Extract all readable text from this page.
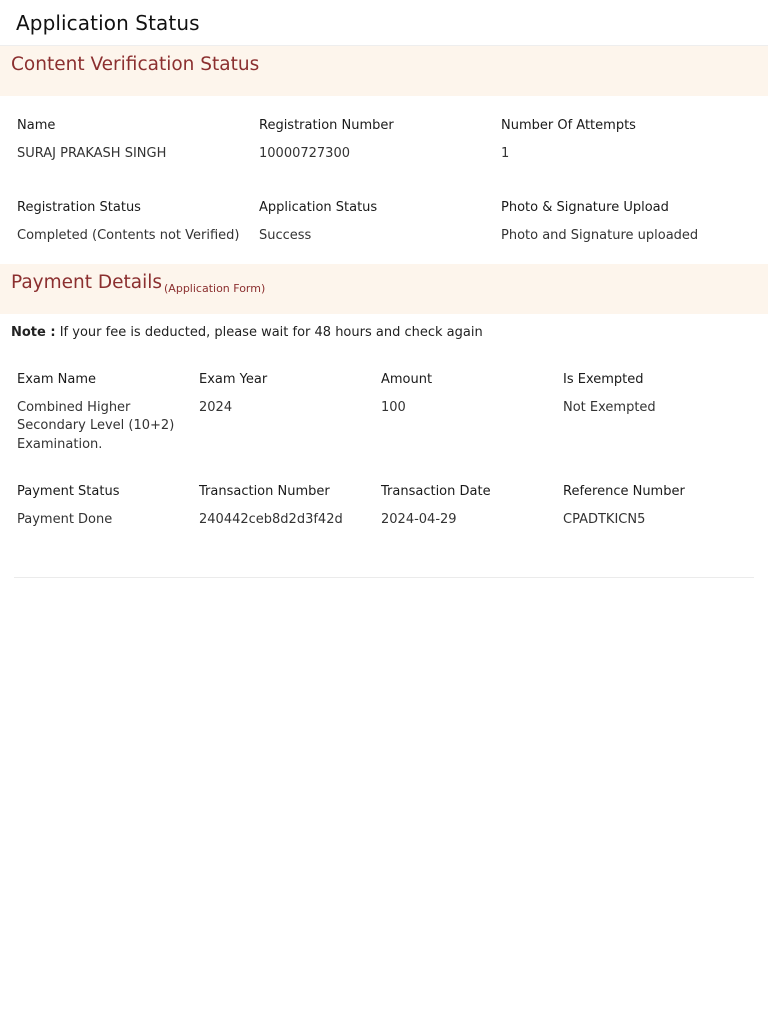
Application Status
Content Verification Status
Name
SURAJ PRAKASH SINGH
Registration Number
10000727300
Number Of Attempts
1
Registration Status
Completed (Contents not Verified)
Application Status
Success
Photo & Signature Upload
Photo and Signature uploaded
Payment Details $_{(Application Form)}$
Note : If your fee is deducted, please wait for 48 hours and check again
Exam Name
Combined Higher Secondary Level (10+2) Examination.
Exam Year
2024
Amount
100
Is Exempted
Not Exempted
Payment Status
Payment Done
Transaction Number
240442ceb8d2d3f42d
Transaction Date
2024-04-29
Reference Number
CPADTKICN5
